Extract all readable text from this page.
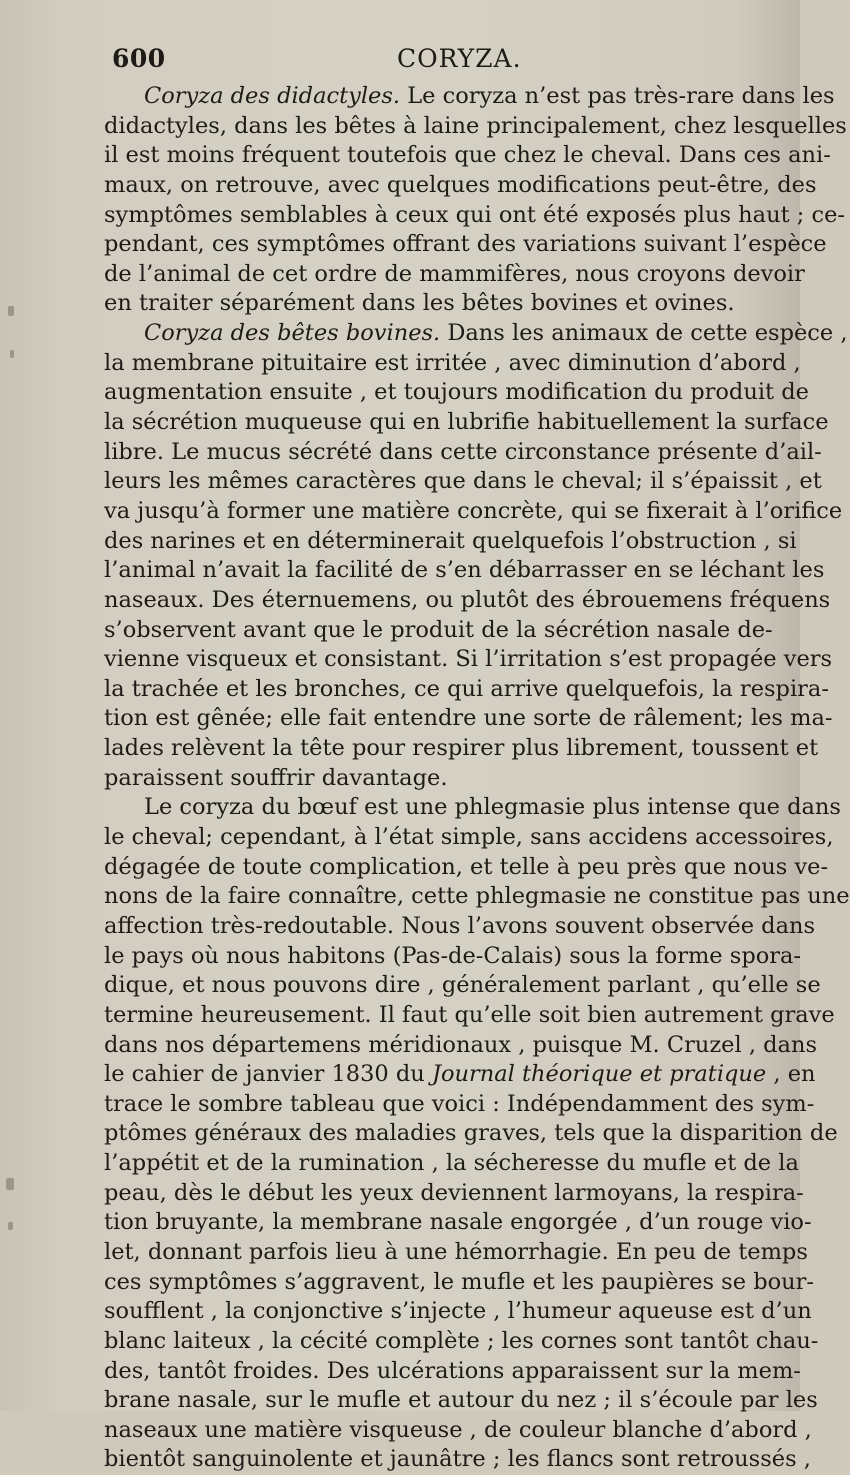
600	CORYZA.
Coryza des didactyles. Le coryza n’est pas très-rare dans les
didactyles, dans les bêtes à laine principalement, chez lesquelles
il est moins fréquent toutefois que chez le cheval. Dans ces ani-
maux, on retrouve, avec quelques modifications peut-être, des
symptômes semblables à ceux qui ont été exposés plus haut ; ce-
pendant, ces symptômes offrant des variations suivant l’espèce
de l’animal de cet ordre de mammifères, nous croyons devoir
en traiter séparément dans les bêtes bovines et ovines.
Coryza des bêtes bovines. Dans les animaux de cette espèce ,
la membrane pituitaire est irritée , avec diminution d’abord ,
augmentation ensuite , et toujours modification du produit de
la sécrétion muqueuse qui en lubrifie habituellement la surface
libre. Le mucus sécrété dans cette circonstance présente d’ail-
leurs les mêmes caractères que dans le cheval; il s’épaissit , et
va jusqu’à former une matière concrète, qui se fixerait à l’orifice
des narines et en déterminerait quelquefois l’obstruction , si
l’animal n’avait la facilité de s’en débarrasser en se léchant les
naseaux. Des éternuemens, ou plutôt des ébrouemens fréquens
s’observent avant que le produit de la sécrétion nasale de-
vienne visqueux et consistant. Si l’irritation s’est propagée vers
la trachée et les bronches, ce qui arrive quelquefois, la respira-
tion est gênée; elle fait entendre une sorte de râlement; les ma-
lades relèvent la tête pour respirer plus librement, toussent et
paraissent souffrir davantage.
Le coryza du bœuf est une phlegmasie plus intense que dans
le cheval; cependant, à l’état simple, sans accidens accessoires,
dégagée de toute complication, et telle à peu près que nous ve-
nons de la faire connaître, cette phlegmasie ne constitue pas une
affection très-redoutable. Nous l’avons souvent observée dans
le pays où nous habitons (Pas-de-Calais) sous la forme spora-
dique, et nous pouvons dire , généralement parlant , qu’elle se
termine heureusement. Il faut qu’elle soit bien autrement grave
dans nos départemens méridionaux , puisque M. Cruzel , dans
le cahier de janvier 1830 du Journal théorique et pratique , en
trace le sombre tableau que voici : Indépendamment des sym-
ptômes généraux des maladies graves, tels que la disparition de
l’appétit et de la rumination , la sécheresse du mufle et de la
peau, dès le début les yeux deviennent larmoyans, la respira-
tion bruyante, la membrane nasale engorgée , d’un rouge vio-
let, donnant parfois lieu à une hémorrhagie. En peu de temps
ces symptômes s’aggravent, le mufle et les paupières se bour-
soufflent , la conjonctive s’injecte , l’humeur aqueuse est d’un
blanc laiteux , la cécité complète ; les cornes sont tantôt chau-
des, tantôt froides. Des ulcérations apparaissent sur la mem-
brane nasale, sur le mufle et autour du nez ; il s’écoule par les
naseaux une matière visqueuse , de couleur blanche d’abord ,
bientôt sanguinolente et jaunâtre ; les flancs sont retroussés ,
